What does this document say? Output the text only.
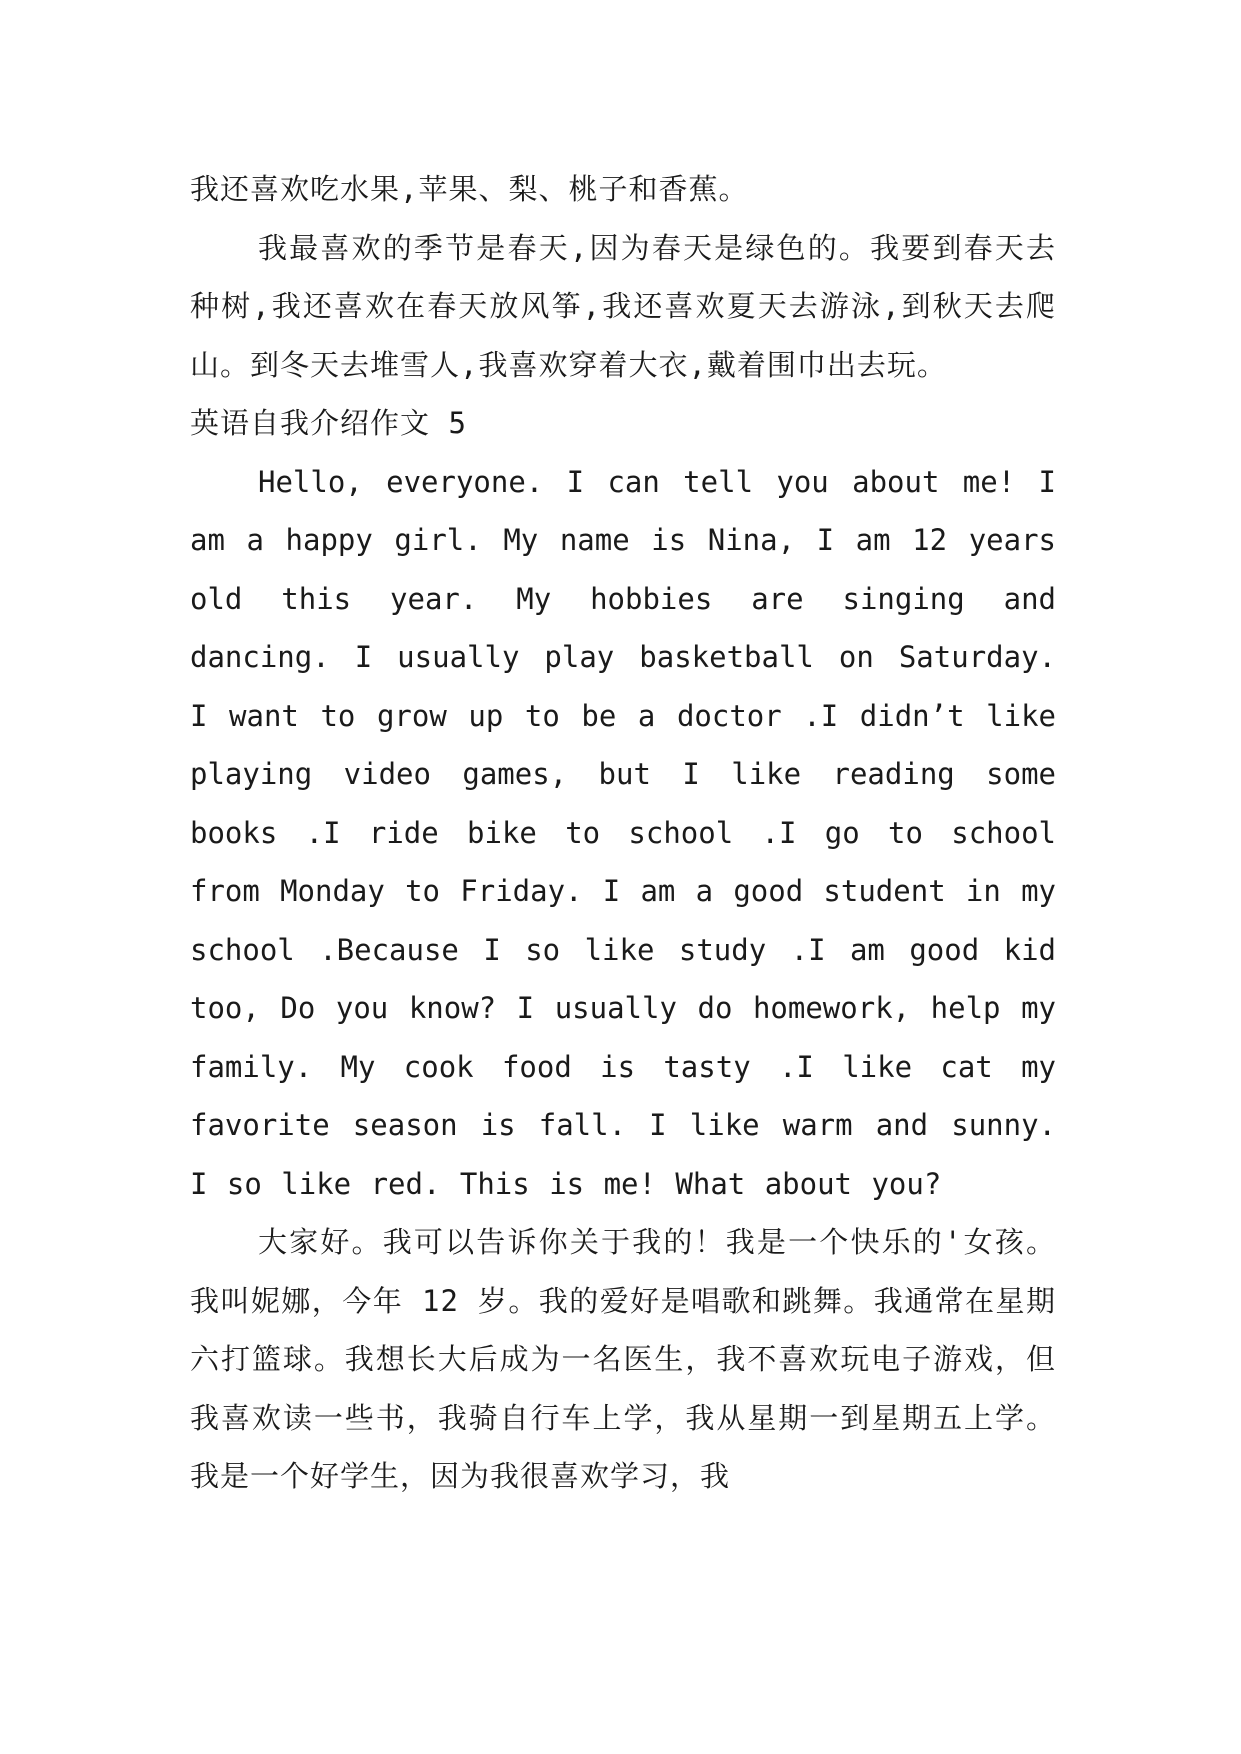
我还喜欢吃水果,苹果、梨、桃子和香蕉。

我最喜欢的季节是春天,因为春天是绿色的。我要到春天去种树,我还喜欢在春天放风筝,我还喜欢夏天去游泳,到秋天去爬山。到冬天去堆雪人,我喜欢穿着大衣,戴着围巾出去玩。

英语自我介绍作文 5

Hello, everyone. I can tell you about me! I am a happy girl. My name is Nina, I am 12 years old this year. My hobbies are singing and dancing. I usually play basketball on Saturday. I want to grow up to be a doctor .I didn’t like playing video games, but I like reading some books .I ride bike to school .I go to school from Monday to Friday. I am a good student in my school .Because I so like study .I am good kid too, Do you know? I usually do homework, help my family. My cook food is tasty .I like cat my favorite season is fall. I like warm and sunny. I so like red. This is me! What about you?

大家好。我可以告诉你关于我的！我是一个快乐的'女孩。我叫妮娜，今年 12 岁。我的爱好是唱歌和跳舞。我通常在星期六打篮球。我想长大后成为一名医生，我不喜欢玩电子游戏，但我喜欢读一些书，我骑自行车上学，我从星期一到星期五上学。我是一个好学生，因为我很喜欢学习，我
